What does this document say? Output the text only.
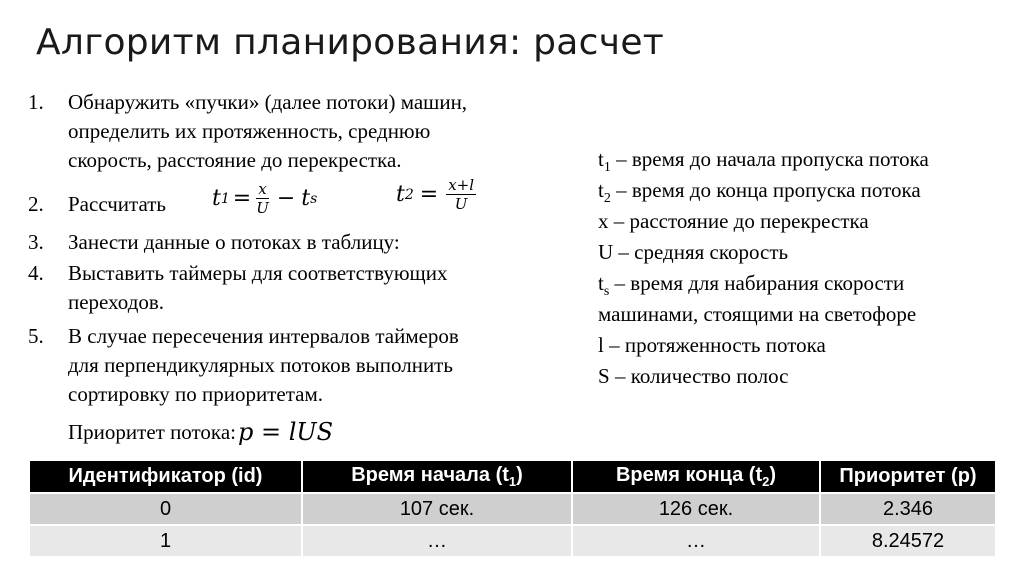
Алгоритм планирования: расчет
1. Обнаружить «пучки» (далее потоки) машин,
определить их протяженность, среднюю
скорость, расстояние до перекрестка.
2. Рассчитать t $1 = \frac{x}{U} - t$ s	t $2 = \frac{x+l}{U}$
3. Занести данные о потоках в таблицу:
4. Выставить таймеры для соответствующих
переходов.
5. В случае пересечения интервалов таймеров
для перпендикулярных потоков выполнить
сортировку по приоритетам.
Приоритет потока: p = lUS
$t_1$ – время до начала пропуска потока
$t_2$ – время до конца пропуска потока
x – расстояние до перекрестка
U – средняя скорость
$t_s$ – время для набирания скорости
машинами, стоящими на светофоре
l – протяженность потока
S – количество полос
Идентификатор (id)	Время начала $(t_1)$	Время конца $(t_2)$	Приоритет (p)
0	107 сек.	126 сек.	2.346
1	…	…	8.24572
